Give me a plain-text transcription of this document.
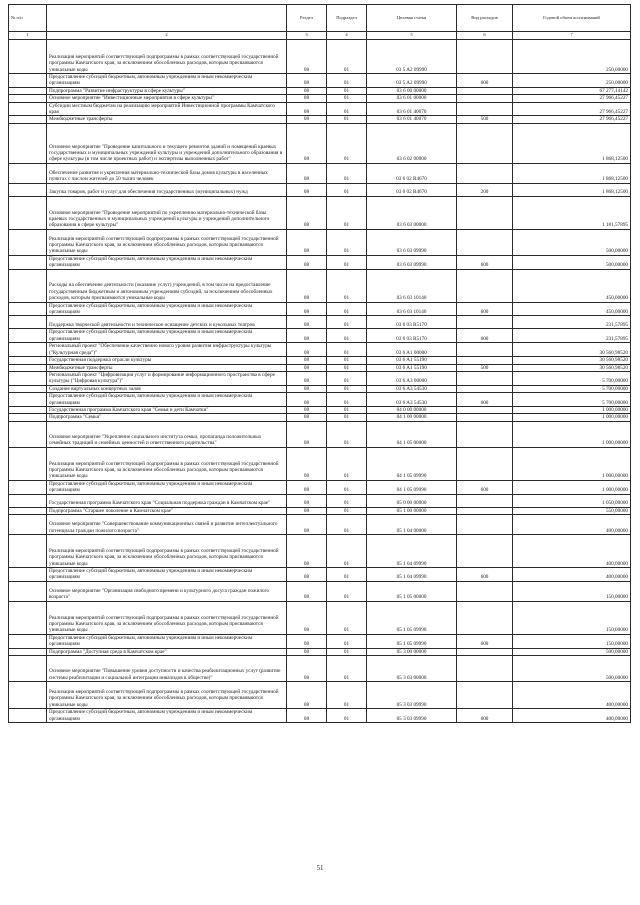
№ п/п		Раздел	Подраздел	Целевая статья	Вид расходов	Годовой объем ассигнований
1	2	3	4	5	6	7
	Реализация мероприятий соответствующей подпрограммы в рамках соответствующей государственной программы Камчатского края, за исключением обособленных расходов, которым присваиваются уникальные коды	08	01	03 5 A2 09990		250,00000
	Предоставление субсидий бюджетным, автономным учреждениям и иным некоммерческим организациям	08	01	03 5 A2 09990	600	250,00000
	Подпрограмма "Развитие инфраструктуры в сфере культуры"	08	01	03 6 00 00000		67 277,14142
	Основное мероприятие "Инвестиционные мероприятия в сфере культуры"	08	01	03 6 01 00000		27 966,45227
	Субсидии местным бюджетам на реализацию мероприятий Инвестиционной программы Камчатского края	08	01	03 6 01 40070		27 966,45227
	Межбюджетные трансферты	08	01	03 6 01 40070	500	27 966,45227
	Основное мероприятие "Проведение капитального и текущего ремонтов зданий и помещений краевых государственных и муниципальных учреждений культуры и учреждений дополнительного образования в сфере культуры (в том числе проектных работ) и экспертизы выполненных работ"	08	01	03 6 02 00000		1 868,12500
	Обеспечение развития и укрепления материально-технической базы домов культуры в населенных пунктах с числом жителей до 50 тысяч человек	08	01	03 6 02 R4670		1 868,12500
	Закупка товаров, работ и услуг для обеспечения государственных (муниципальных) нужд	08	01	03 6 02 R4670	200	1 868,12500
	Основное мероприятие "Проведение мероприятий по укреплению материально-технической базы краевых государственных и муниципальных учреждений культуры и учреждений дополнительного образования в сфере культуры"	08	01	03 6 03 00000		1 181,57895
	Реализация мероприятий соответствующей подпрограммы в рамках соответствующей государственной программы Камчатского края, за исключением обособленных расходов, которым присваиваются уникальные коды	08	01	03 6 03 09990		500,00000
	Предоставление субсидий бюджетным, автономным учреждениям и иным некоммерческим организациям	08	01	03 6 03 09990	600	500,00000
	Расходы на обеспечение деятельности (оказание услуг) учреждений, в том числе на предоставление государственным бюджетным и автономным учреждениям субсидий, за исключением обособленных расходов, которым присваиваются уникальные коды	08	01	03 6 03 10140		450,00000
	Предоставление субсидий бюджетным, автономным учреждениям и иным некоммерческим организациям	08	01	03 6 03 10140	600	450,00000
	Поддержка творческой деятельности и техническое оснащение детских и кукольных театров	08	01	03 6 03 R5170		231,57895
	Предоставление субсидий бюджетным, автономным учреждениям и иным некоммерческим организациям	08	01	03 6 03 R5170	600	231,57895
	Региональный проект "Обеспечение качественно нового уровня развития инфраструктуры культуры ("Культурная среда")"	08	01	03 6 A1 00000		30 560,98520
	Государственная поддержка отрасли культуры	08	01	03 6 A1 55190		30 560,98520
	Межбюджетные трансферты	08	01	03 6 A1 55190	500	30 560,98520
	Региональный проект "Цифровизация услуг и формирование информационного пространства в сфере культуры ("Цифровая культура")"	08	01	03 6 A3 00000		5 700,00000
	Создание виртуальных концертных залов	08	01	03 6 A3 54530		5 700,00000
	Предоставление субсидий бюджетным, автономным учреждениям и иным некоммерческим организациям	08	01	03 6 A3 54530	600	5 700,00000
	Государственная программа Камчатского края "Семья и дети Камчатки"	08	01	04 0 00 00000		1 000,00000
	Подпрограмма "Семья"	08	01	04 1 00 00000		1 000,00000
	Основное мероприятие "Укрепление социального института семьи, пропаганда положительных семейных традиций и семейных ценностей и ответственного родительства"	08	01	04 1 05 00000		1 000,00000
	Реализация мероприятий соответствующей подпрограммы в рамках соответствующей государственной программы Камчатского края, за исключением обособленных расходов, которым присваиваются уникальные коды	08	01	04 1 05 09990		1 000,00000
	Предоставление субсидий бюджетным, автономным учреждениям и иным некоммерческим организациям	08	01	04 1 05 09990	600	1 000,00000
	Государственная программа Камчатского края "Социальная поддержка граждан в Камчатском крае"	08	01	05 0 00 00000		1 050,00000
	Подпрограмма "Старшее поколение в Камчатском крае"	08	01	05 1 00 00000		550,00000
	Основное мероприятие "Совершенствование коммуникационных связей и развитие интеллектуального потенциала граждан пожилого возраста"	08	01	05 1 04 00000		400,00000
	Реализация мероприятий соответствующей подпрограммы в рамках соответствующей государственной программы Камчатского края, за исключением обособленных расходов, которым присваиваются уникальные коды	08	01	05 1 04 09990		400,00000
	Предоставление субсидий бюджетным, автономным учреждениям и иным некоммерческим организациям	08	01	05 1 04 09990	600	400,00000
	Основное мероприятие "Организация свободного времени и культурного досуга граждан пожилого возраста"	08	01	05 1 05 00000		150,00000
	Реализация мероприятий соответствующей подпрограммы в рамках соответствующей государственной программы Камчатского края, за исключением обособленных расходов, которым присваиваются уникальные коды	08	01	05 1 05 09990		150,00000
	Предоставление субсидий бюджетным, автономным учреждениям и иным некоммерческим организациям	08	01	05 1 05 09990	600	150,00000
	Подпрограмма "Доступная среда в Камчатском крае"	08	01	05 3 00 00000		500,00000
	Основное мероприятие "Повышение уровня доступности и качества реабилитационных услуг (развитие системы реабилитации и социальной интеграции инвалидов в обществе)"	08	01	05 3 03 00000		500,00000
	Реализация мероприятий соответствующей подпрограммы в рамках соответствующей государственной программы Камчатского края, за исключением обособленных расходов, которым присваиваются уникальные коды	08	01	05 3 03 09990		400,00000
	Предоставление субсидий бюджетным, автономным учреждениям и иным некоммерческим организациям	08	01	05 3 03 09990	600	400,00000
51
